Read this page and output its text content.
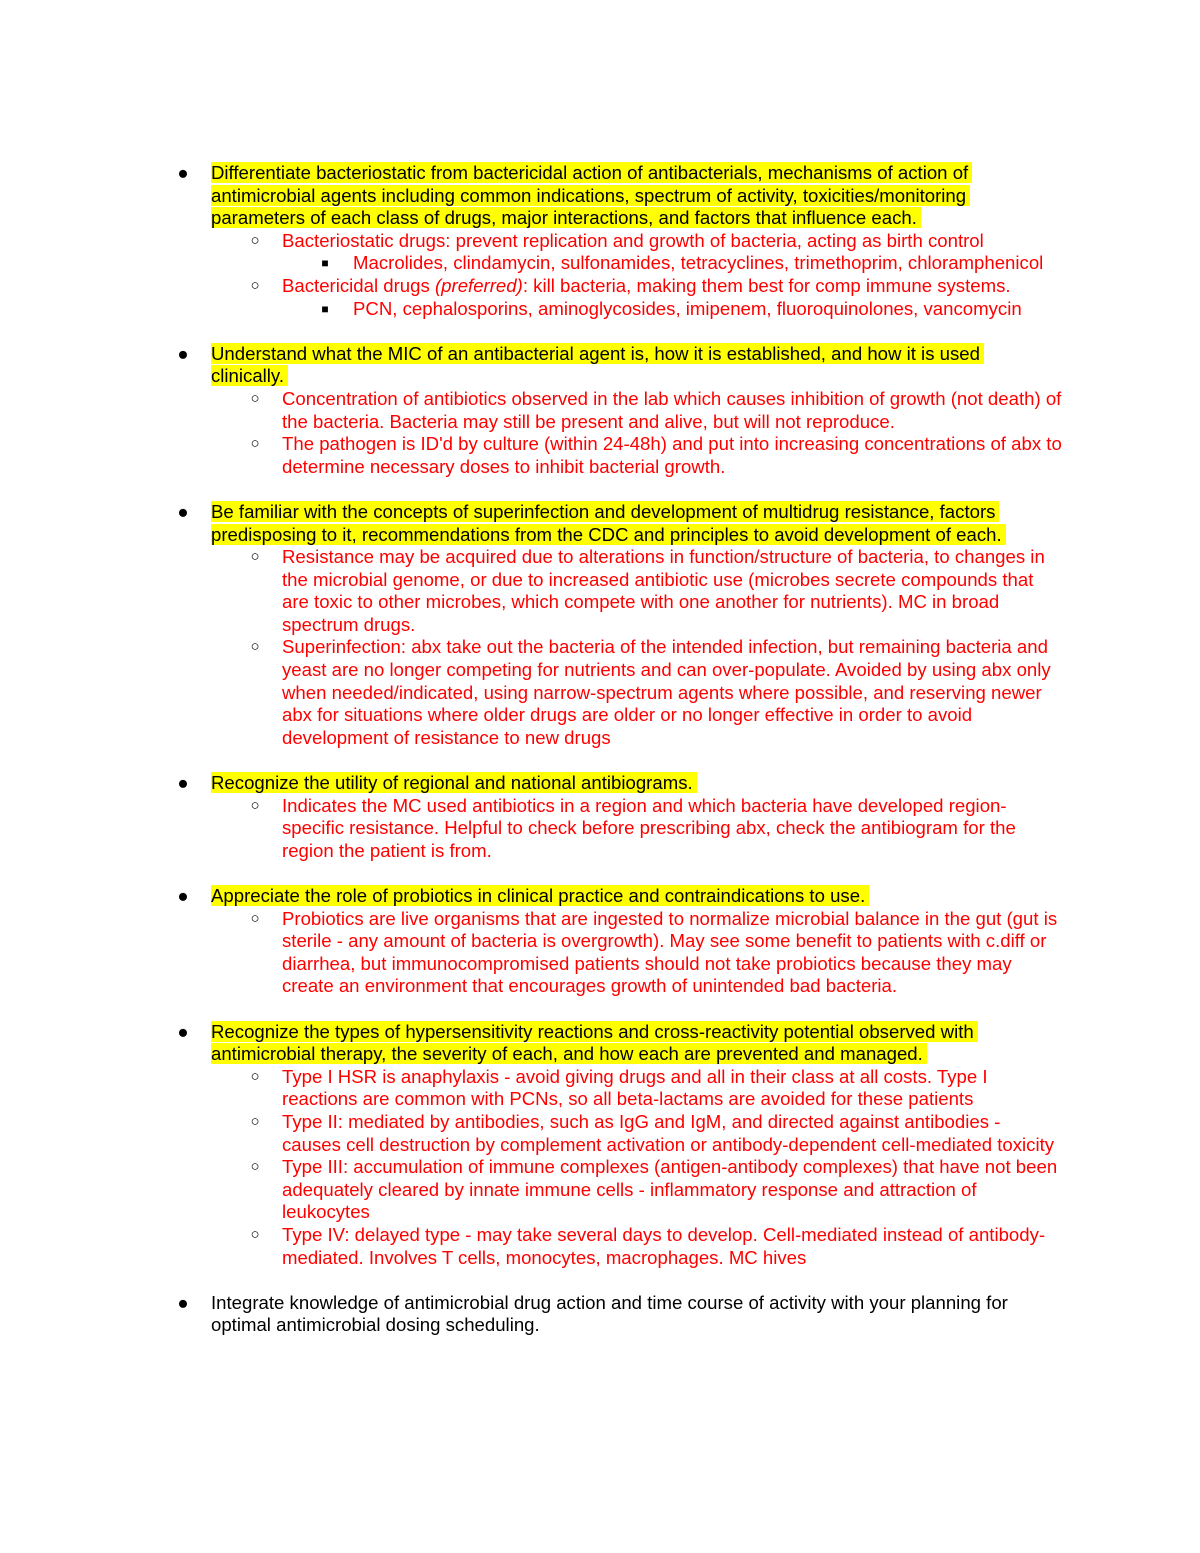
● Differentiate bacteriostatic from bactericidal action of antibacterials, mechanisms of action of antimicrobial agents including common indications, spectrum of activity, toxicities/monitoring parameters of each class of drugs, major interactions, and factors that influence each.
○ Bacteriostatic drugs: prevent replication and growth of bacteria, acting as birth control
■ Macrolides, clindamycin, sulfonamides, tetracyclines, trimethoprim, chloramphenicol
○ Bactericidal drugs (preferred): kill bacteria, making them best for comp immune systems.
■ PCN, cephalosporins, aminoglycosides, imipenem, fluoroquinolones, vancomycin
● Understand what the MIC of an antibacterial agent is, how it is established, and how it is used clinically.
○ Concentration of antibiotics observed in the lab which causes inhibition of growth (not death) of the bacteria. Bacteria may still be present and alive, but will not reproduce.
○ The pathogen is ID'd by culture (within 24-48h) and put into increasing concentrations of abx to determine necessary doses to inhibit bacterial growth.
● Be familiar with the concepts of superinfection and development of multidrug resistance, factors predisposing to it, recommendations from the CDC and principles to avoid development of each.
○ Resistance may be acquired due to alterations in function/structure of bacteria, to changes in the microbial genome, or due to increased antibiotic use (microbes secrete compounds that are toxic to other microbes, which compete with one another for nutrients). MC in broad spectrum drugs.
○ Superinfection: abx take out the bacteria of the intended infection, but remaining bacteria and yeast are no longer competing for nutrients and can over-populate. Avoided by using abx only when needed/indicated, using narrow-spectrum agents where possible, and reserving newer abx for situations where older drugs are older or no longer effective in order to avoid development of resistance to new drugs
● Recognize the utility of regional and national antibiograms.
○ Indicates the MC used antibiotics in a region and which bacteria have developed region-specific resistance. Helpful to check before prescribing abx, check the antibiogram for the region the patient is from.
● Appreciate the role of probiotics in clinical practice and contraindications to use.
○ Probiotics are live organisms that are ingested to normalize microbial balance in the gut (gut is sterile - any amount of bacteria is overgrowth). May see some benefit to patients with c.diff or diarrhea, but immunocompromised patients should not take probiotics because they may create an environment that encourages growth of unintended bad bacteria.
● Recognize the types of hypersensitivity reactions and cross-reactivity potential observed with antimicrobial therapy, the severity of each, and how each are prevented and managed.
○ Type I HSR is anaphylaxis - avoid giving drugs and all in their class at all costs. Type I reactions are common with PCNs, so all beta-lactams are avoided for these patients
○ Type II: mediated by antibodies, such as IgG and IgM, and directed against antibodies - causes cell destruction by complement activation or antibody-dependent cell-mediated toxicity
○ Type III: accumulation of immune complexes (antigen-antibody complexes) that have not been adequately cleared by innate immune cells - inflammatory response and attraction of leukocytes
○ Type IV: delayed type - may take several days to develop. Cell-mediated instead of antibody-mediated. Involves T cells, monocytes, macrophages. MC hives
● Integrate knowledge of antimicrobial drug action and time course of activity with your planning for optimal antimicrobial dosing scheduling.
